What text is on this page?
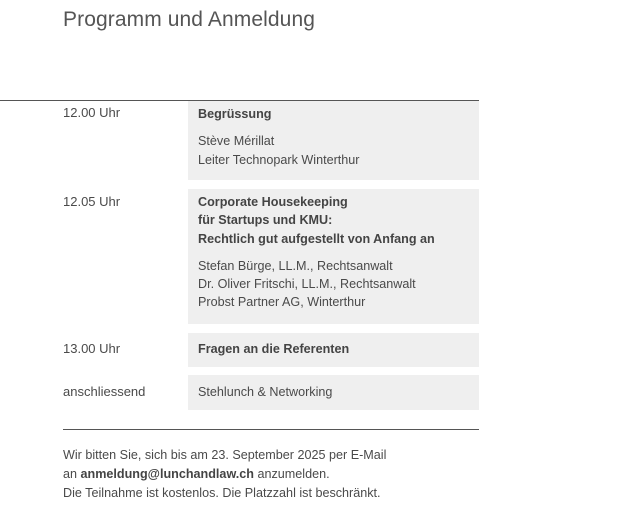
Programm und Anmeldung
12.00 Uhr	Begrüssung
Stève Mérillat
Leiter Technopark Winterthur
12.05 Uhr	Corporate Housekeeping
für Startups und KMU:
Rechtlich gut aufgestellt von Anfang an
Stefan Bürge, LL.M., Rechtsanwalt
Dr. Oliver Fritschi, LL.M., Rechtsanwalt
Probst Partner AG, Winterthur
13.00 Uhr	Fragen an die Referenten
anschliessend	Stehlunch & Networking
Wir bitten Sie, sich bis am 23. September 2025 per E-Mail
an anmeldung@lunchandlaw.ch anzumelden.
Die Teilnahme ist kostenlos. Die Platzzahl ist beschränkt.
